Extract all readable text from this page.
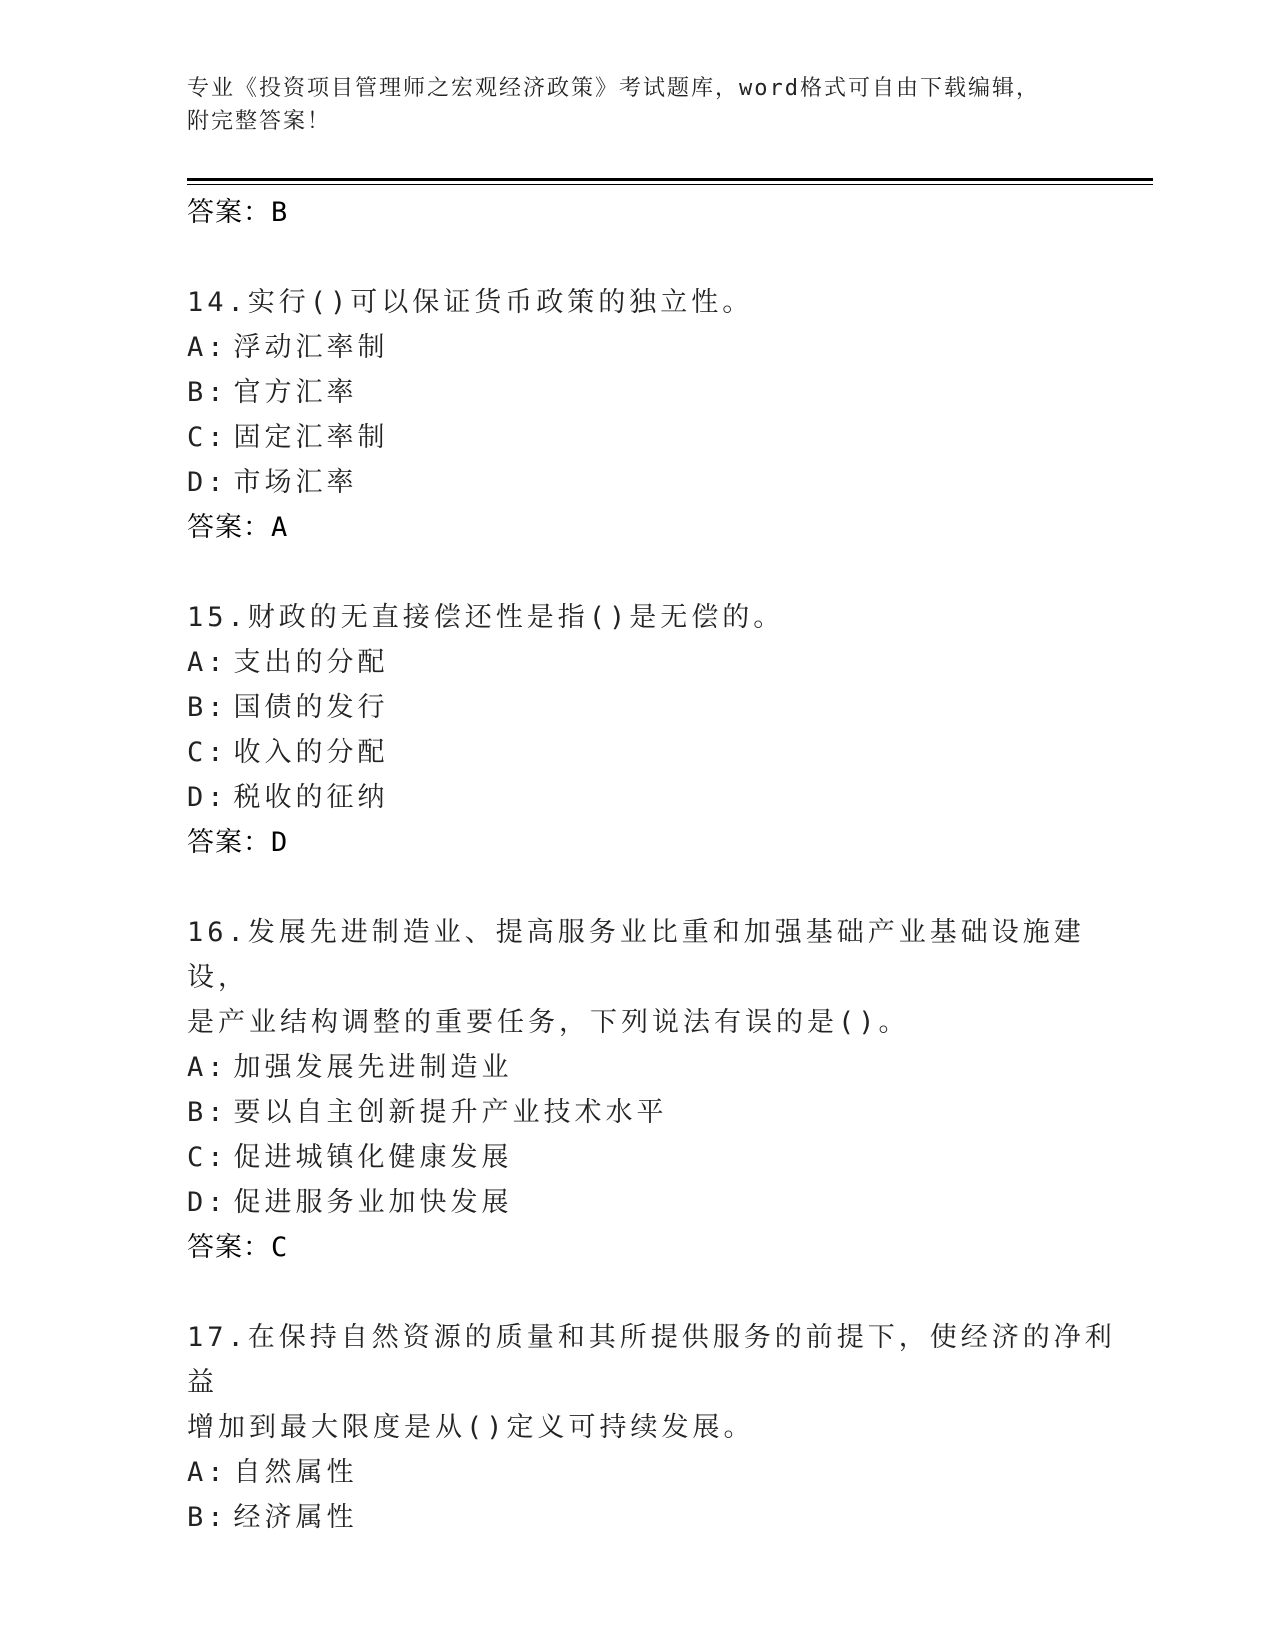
专业《投资项目管理师之宏观经济政策》考试题库，word格式可自由下载编辑，
附完整答案！
答案：B
14.实行()可以保证货币政策的独立性。
A: 浮动汇率制
B: 官方汇率
C: 固定汇率制
D: 市场汇率
答案：A
15.财政的无直接偿还性是指()是无偿的。
A: 支出的分配
B: 国债的发行
C: 收入的分配
D: 税收的征纳
答案：D
16.发展先进制造业、提高服务业比重和加强基础产业基础设施建设，
是产业结构调整的重要任务，下列说法有误的是()。
A: 加强发展先进制造业
B: 要以自主创新提升产业技术水平
C: 促进城镇化健康发展
D: 促进服务业加快发展
答案：C
17.在保持自然资源的质量和其所提供服务的前提下，使经济的净利益
增加到最大限度是从()定义可持续发展。
A: 自然属性
B: 经济属性
